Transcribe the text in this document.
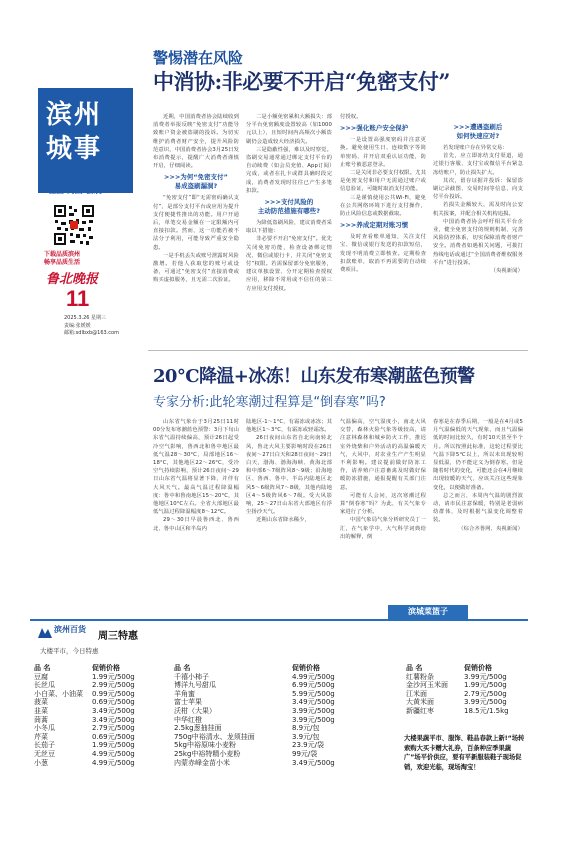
滨州
城事
社区 商圈 会展
下载品质滨州
畅享品质生活
鲁北晚报
11
2025.3.26 星期三
责编:张媛媛
邮箱:sdlbxb@163.com
警惕潜在风险
中消协:非必要不开启“免密支付”

近期，中国消费者协会陆续收到消费者举报反映“免密支付”功能导致账户资金被盗刷的投诉。为切实维护消费者财产安全，提升风险防范意识，中国消费者协会3月25日发布消费提示，提醒广大消费者谨慎开启，仔细阅读。

>>>为何“免密支付”
易成盗刷漏洞?

“免密支付”即“无需密码确认支付”，是部分支付平台或应用为提升支付便捷性推出的功能。用户开通后，单笔交易金额在一定限额内可直接扣款。然而，这一功能若被不法分子利用，可能导致严重安全隐患。

一是手机丢失或账号泄露时风险激增。若他人获取您的账号或设备，可通过“免密支付”直接消费或购买虚拟服务，且无需二次验证。

二是小额免密累积大额损失：部分平台免密额度设置较高（如1000元以上），且短时间内高频次小额盗刷仍会造成较大经济损失。

三是隐蔽性强，难以及时察觉。盗刷交易通常通过绑定支付平台的自动续费（如会员充值、App订阅）完成，或者在扎卡或群具确时段完成，消费者发现时往往已产生多笔扣款。

>>>支付风险的
主动防范措施有哪些?

为降低盗刷风险，建议消费者采取以下措施：

非必要不开启“免密支付”。优先关闭免密功能，检查设备绑定情况、微信或银行卡，并关闭“免密支付”权限。若需保留部分免密服务，建议单独设置、分开定期检查授权应用，移除不常用或不信任的第三方应用支付授权。

付授权。

>>>强化账户安全保护

一是设置高强度密码并注意更换。避免使用生日、连续数字等简单密码，并开启双重认证功能，防止账号被恶意登录。

二是关闭非必要支付权限。尤其是免密支付和用户无需通过账户或信息验证，可随时取消支付功能。

三是谨慎使用公共Wi-Fi，避免在公共网络环境下进行支付操作，防止风险信息或数据截取。

>>>养成定期对账习惯

及时查看账单通知，关注支付宝、微信或银行发送的扣款短信，发现不明消费立即核查。定期检查扣款账单，取消不再需要的自动续费项目。

>>>遭遇盗刷后
如何快速应对?

若发现账户存在异常交易：

首先，应立即冻结支付渠道，通过银行客服、支付宝或微信平台紧急冻结账户，防止损失扩大。

其次，留存证据并投诉：保留盗刷记录截图、交易时间等信息，向支付平台投诉。

若损失金额较大，需及时向公安机关报案，并配合相关机构追损。

中国消费者协会呼吁相关平台企业，健全免密支付的规则机制，完善风险防控体系，切实保障消费者财产安全。消费者如遇相关问题，可拨打热线电话或通过“全国消费者维权服务平台”进行投诉。

（央视新闻）
20°C降温+冰冻！山东发布寒潮蓝色预警
专家分析:此轮寒潮过程算是“倒春寒”吗?

山东省气象台于3月25日11时00分发布寒潮蓝色预警：3月下旬山东省气温持续偏高，预计26日起受冷空气影响，鲁西北和鲁中地区最低气温28～30°C，局部地区16～18°C，其他地区22～26°C，受冷空气持续影响，预计26日夜间～29日山东省气温将显著下降，并伴有大风天气。最高气温过程降温幅度：鲁中和鲁南地区15～20°C，其他地区10°C左右。全省大部地区最低气温过程降温幅度8～12°C。

29～30日早晨鲁西北、鲁西北、鲁中山区和半岛内

陆地区-1～1°C，有霜冻或冰冻；其他地区1～3°C，有霜冻或轻霜冻。

26日夜间山东省自北向南转北风，鲁北大风主要影响时段在26日夜间～27日白天和28日夜间～29日白天，渤海、渤海海峡、黄海北部和中部6～7级阵风8～9级；沿海地区、鲁西、鲁中、半岛内陆地区北风5～6级阵风7～8级，其他内陆地区4～5级阵风6～7级。受大风影响，25～27日山东省大部地区有浮尘扬沙天气。

近期山东省降水稀少，

气温偏高，空气湿度小，南北大风交替，森林火险气象等级较高，请注意林森林和城乡防火工作，推迟室外烧柴和户外活动的高温偏暖天气，大风中，对农业生产产生明显不利影响。建议提前做好防冻工作，请养殖户注意畜禽及时做好保暖防冻措施，通报提醒有关部门注意。

可能有人会问，这次寒潮过程算“倒春寒”吗？为此，有关气象专家进行了分析。

中国气象局气象分析研究员丁一汇，在气象学中，大气科学词典给出的解释，倒

春寒是在春季后期，一般是在4月或5月气温偏低的天气现象，而且气温偏低的时间比较久，有时10天甚至半个月。所以按照此标准，这轮过程要比气温下降5℃以上，所以未出现较明显低温，仍不能定义为倒春寒。但是随着时代的变化，可能还会在4月继续出现较暖的天气，应该关注这些现象变化，以便做好准备。

总之而言，本周内气温的剧烈波动，请市民注意保暖，特别是老弱病幼群体，及时根据气温变化调整着装。

（综合齐鲁网、央视新闻）
滨城菜篮子
滨州百货
周三特惠
大楼平市，今日特惠
品 名	促销价格
豆腐	1.99元/500g
长丝瓜	2.99元/500g
小白菜、小油菜	0.99元/500g
菠菜	0.69元/500g
韭菜	3.49元/500g
茼蒿	3.49元/500g
小冬瓜	2.79元/500g
芹菜	0.69元/500g
长茄子	1.99元/500g
无丝豆	4.99元/500g
小葱	4.99元/500g
品 名	促销价格
千禧小柿子	4.99元/500g
博洋九号甜瓜	6.99元/500g
羊角蜜	5.99元/500g
富士苹果	3.49元/500g
沃柑（大果）	3.99元/500g
中华红橙	3.99元/500g
2.5kg葱抽挂面	8.9元/包
750g中裕清水、龙须挂面	3.9元/包
5kg中裕原味小麦粉	23.9元/袋
25kg中裕特精小麦粉	99元/袋
内蒙赤峰金苗小米	3.49元/500g
品 名	促销价格
红薯粉条	3.99元/500g
金沙河玉米面	1.99元/500g
江米面	2.79元/500g
大黄米面	3.99元/500g
新疆红枣	18.5元/1.5kg
大楼果蔬平市、服饰、鞋品春款上新!“场转索购大买卡赠大礼券，百条种应季果蔬广”场平价供应，要有平新服装鞋子现场促销，欢迎光临，现场淘宝！
